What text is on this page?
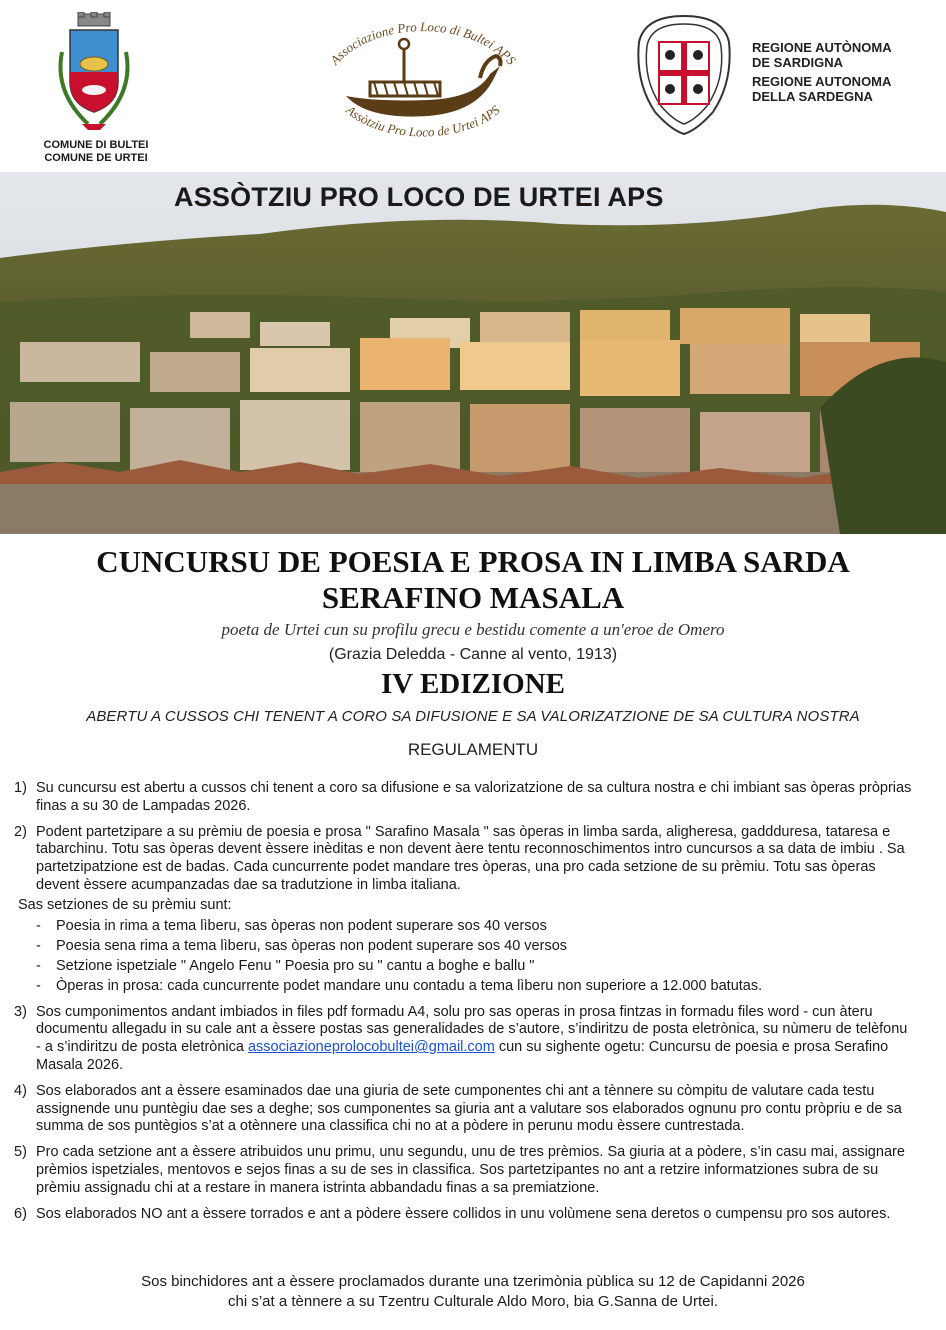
COMUNE DI BULTEI
COMUNE DE URTEI
Associazione Pro Loco di Bultei APS
Assòtziu Pro Loco de Urtei APS
REGIONE AUTÒNOMA
DE SARDIGNA
REGIONE AUTONOMA
DELLA SARDEGNA
ASSÒTZIU PRO LOCO DE URTEI APS
CUNCURSU DE POESIA E PROSA IN LIMBA SARDA
SERAFINO MASALA
poeta de Urtei cun su profilu grecu e bestidu comente a un'eroe de Omero
(Grazia Deledda - Canne al vento, 1913)
IV EDIZIONE
ABERTU A CUSSOS CHI TENENT A CORO SA DIFUSIONE E SA VALORIZATZIONE DE SA CULTURA NOSTRA
REGULAMENTU
1) Su cuncursu est abertu a cussos chi tenent a coro sa difusione e sa valorizatzione de sa cultura nostra e chi imbiant sas òperas pròprias finas a su 30 de Lampadas 2026.
2) Podent partetzipare a su prèmiu de poesia e prosa " Sarafino Masala " sas òperas in limba sarda, aligheresa, gaddduresa, tataresa e tabarchinu. Totu sas òperas devent èssere inèditas e non devent àere tentu reconnoschimentos intro cuncursos a sa data de imbiu . Sa partetzipatzione est de badas. Cada cuncurrente podet mandare tres òperas, una pro cada setzione de su prèmiu. Totu sas òperas devent èssere acumpanzadas dae sa tradutzione in limba italiana.
Sas setziones de su prèmiu sunt:
- Poesia in rima a tema lìberu, sas òperas non podent superare sos 40 versos
- Poesia sena rima a tema lìberu, sas òperas non podent superare sos 40 versos
- Setzione ispetziale " Angelo Fenu " Poesia pro su " cantu a boghe e ballu "
- Òperas in prosa: cada cuncurrente podet mandare unu contadu a tema lìberu non superiore a 12.000 batutas.
3) Sos cumponimentos andant imbiados in files pdf formadu A4, solu pro sas operas in prosa fintzas in formadu files word - cun àteru documentu allegadu in su cale ant a èssere postas sas generalidades de s’autore, s’indiritzu de posta eletrònica, su nùmeru de telèfonu - a s’indiritzu de posta eletrònica associazioneprolocobultei@gmail.com cun su sighente ogetu: Cuncursu de poesia e prosa Serafino Masala 2026.
4) Sos elaborados ant a èssere esaminados dae una giuria de sete cumponentes chi ant a tènnere su còmpitu de valutare cada testu assignende unu puntègiu dae ses a deghe; sos cumponentes sa giuria ant a valutare sos elaborados ognunu pro contu pròpriu e de sa summa de sos puntègios s’at a otènnere una classifica chi no at a pòdere in perunu modu èssere cuntrestada.
5) Pro cada setzione ant a èssere atribuidos unu primu, unu segundu, unu de tres prèmios. Sa giuria at a pòdere, s’in casu mai, assignare prèmios ispetziales, mentovos e sejos finas a su de ses in classifica. Sos partetzipantes no ant a retzire informatziones subra de su prèmiu assignadu chi at a restare in manera istrinta abbandadu finas a sa premiatzione.
6) Sos elaborados NO ant a èssere torrados e ant a pòdere èssere collidos in unu volùmene sena deretos o cumpensu pro sos autores.
Sos binchidores ant a èssere proclamados durante una tzerimònia pùblica su 12 de Capidanni 2026
chi s’at a tènnere a su Tzentru Culturale Aldo Moro, bia G.Sanna de Urtei.
